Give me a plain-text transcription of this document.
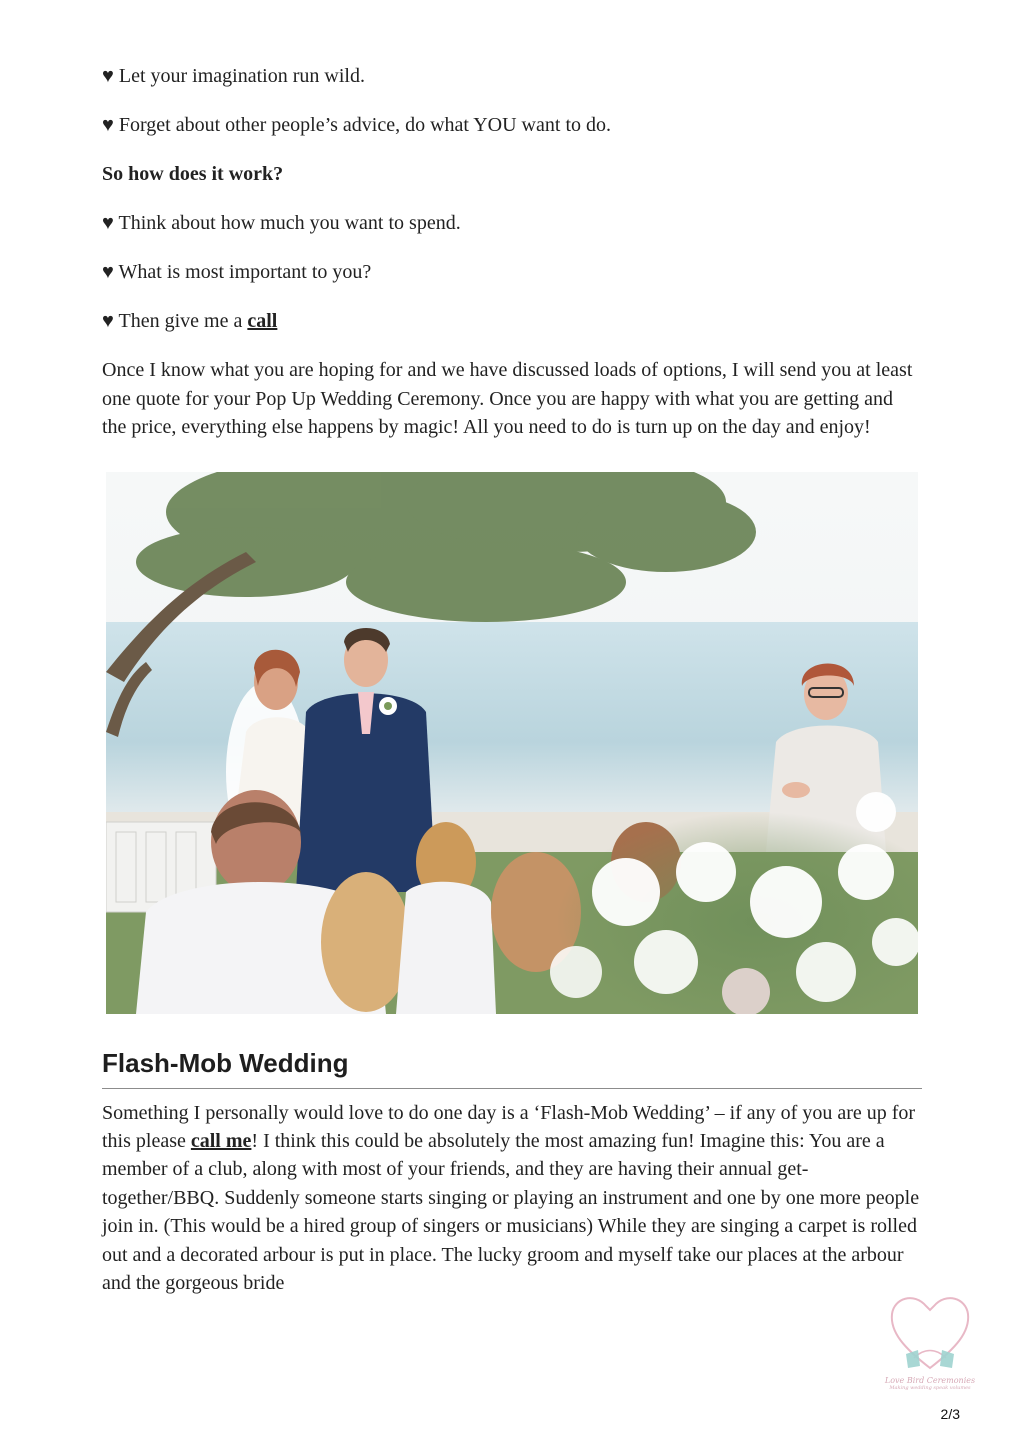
♥ Let your imagination run wild.

♥ Forget about other people’s advice, do what YOU want to do.

So how does it work?

♥ Think about how much you want to spend.

♥ What is most important to you?

♥ Then give me a call

Once I know what you are hoping for and we have discussed loads of options, I will send you at least one quote for your Pop Up Wedding Ceremony. Once you are happy with what you are getting and the price, everything else happens by magic! All you need to do is turn up on the day and enjoy!

Flash-Mob Wedding

Something I personally would love to do one day is a ‘Flash-Mob Wedding’ – if any of you are up for this please call me! I think this could be absolutely the most amazing fun! Imagine this: You are a member of a club, along with most of your friends, and they are having their annual get-together/BBQ. Suddenly someone starts singing or playing an instrument and one by one more people join in. (This would be a hired group of singers or musicians) While they are singing a carpet is rolled out and a decorated arbour is put in place. The lucky groom and myself take our places at the arbour and the gorgeous bride

Love Bird Ceremonies
Making wedding speak volumes
2/3
